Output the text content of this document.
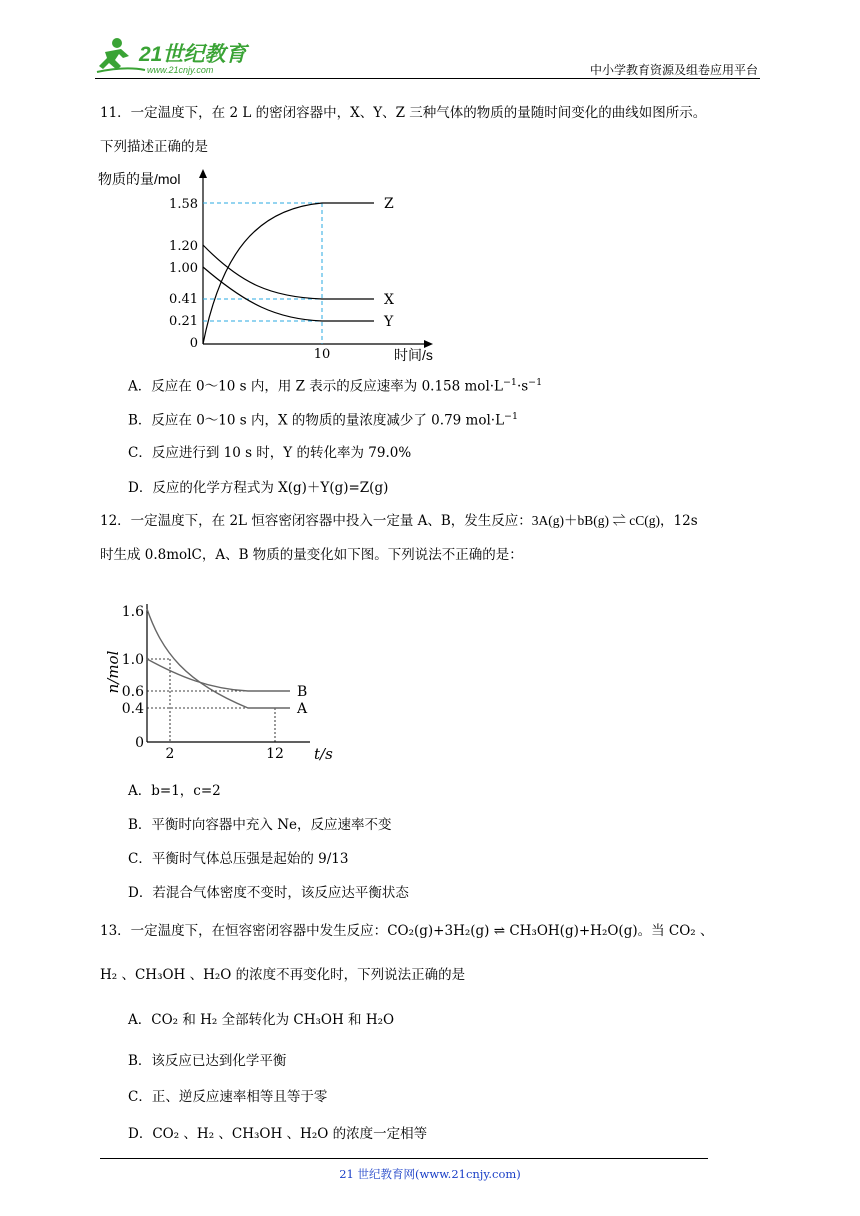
21世纪教育
www.21cnjy.com	中小学教育资源及组卷应用平台
11．一定温度下，在 2 L 的密闭容器中，X、Y、Z 三种气体的物质的量随时间变化的曲线如图所示。
下列描述正确的是
物质的量/mol
时间/s
1.58
1.20
1.00
0.41
0.21
0
10
Z
X
Y
A．反应在 0～10 s 内，用 Z 表示的反应速率为 0.158 $mol\cdot L^{-1}\cdot s^{-1}$
B．反应在 0～10 s 内，X 的物质的量浓度减少了 0.79 $mol\cdot L^{-1}$
C．反应进行到 10 s 时，Y 的转化率为 79.0%
D．反应的化学方程式为 X(g)＋Y(g)=Z(g)
12．一定温度下，在 2L 恒容密闭容器中投入一定量 A、B，发生反应：3A(g)＋bB(g) ⇌ cC(g)，12s
时生成 0.8molC，A、B 物质的量变化如下图。下列说法不正确的是：
n/mol
t/s
1.6
1.0
0.6
0.4
0
2	12
B
A
A．b=1，c=2
B．平衡时向容器中充入 Ne，反应速率不变
C．平衡时气体总压强是起始的 9/13
D．若混合气体密度不变时，该反应达平衡状态
13．一定温度下，在恒容密闭容器中发生反应：CO₂(g)+3H₂(g) ⇌ CH₃OH(g)+H₂O(g)。当 CO₂ 、
H₂ 、CH₃OH 、H₂O 的浓度不再变化时，下列说法正确的是
A．CO₂ 和 H₂ 全部转化为 CH₃OH 和 H₂O
B．该反应已达到化学平衡
C．正、逆反应速率相等且等于零
D．CO₂ 、H₂ 、CH₃OH 、H₂O 的浓度一定相等
21 世纪教育网(www.21cnjy.com)
